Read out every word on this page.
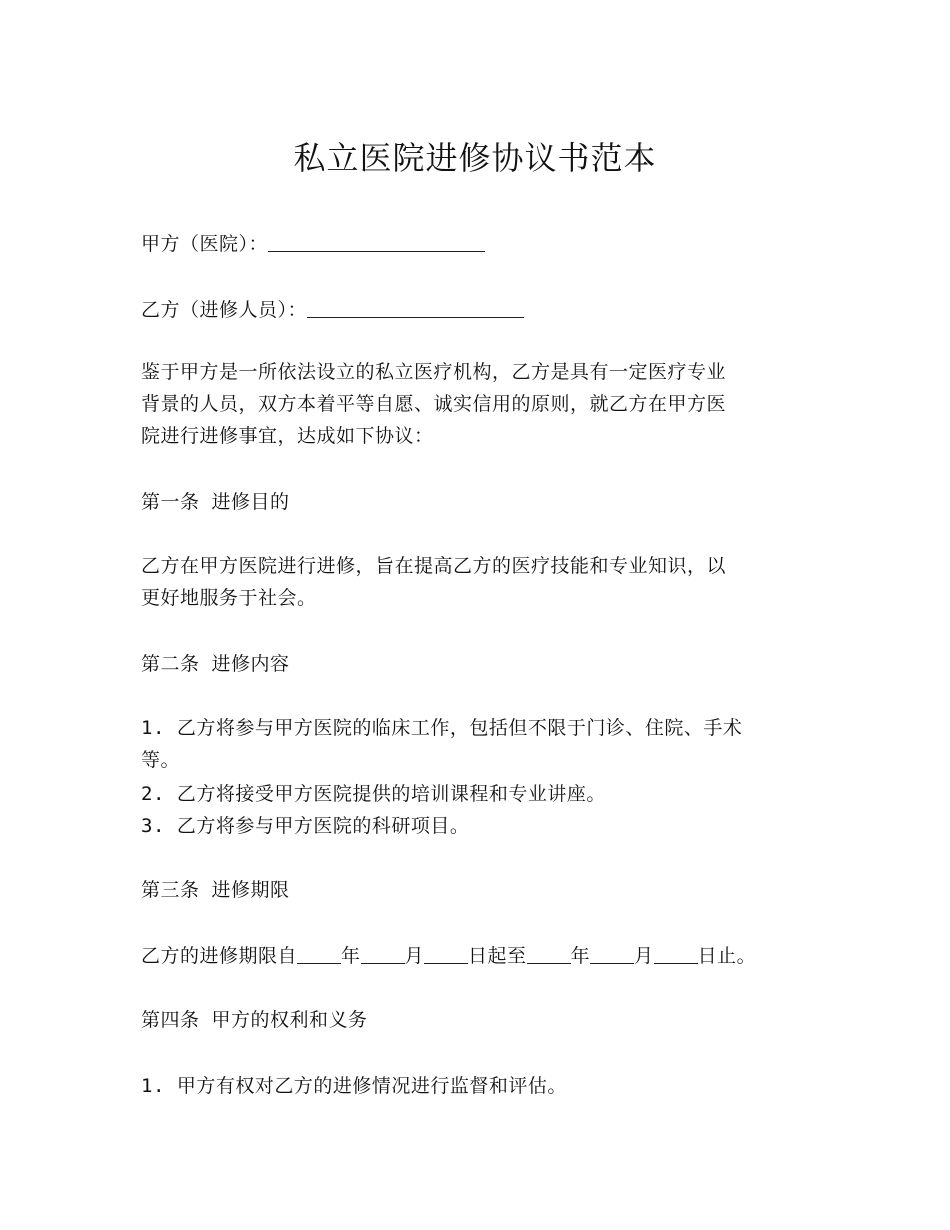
私立医院进修协议书范本
甲方（医院）：
乙方（进修人员）：
鉴于甲方是一所依法设立的私立医疗机构，乙方是具有一定医疗专业
背景的人员，双方本着平等自愿、诚实信用的原则，就乙方在甲方医
院进行进修事宜，达成如下协议：
第一条 进修目的
乙方在甲方医院进行进修，旨在提高乙方的医疗技能和专业知识，以
更好地服务于社会。
第二条 进修内容
1. 乙方将参与甲方医院的临床工作，包括但不限于门诊、住院、手术
等。
2. 乙方将接受甲方医院提供的培训课程和专业讲座。
3. 乙方将参与甲方医院的科研项目。
第三条 进修期限
乙方的进修期限自 年 月 日起至 年 月 日止。
第四条 甲方的权利和义务
1. 甲方有权对乙方的进修情况进行监督和评估。
